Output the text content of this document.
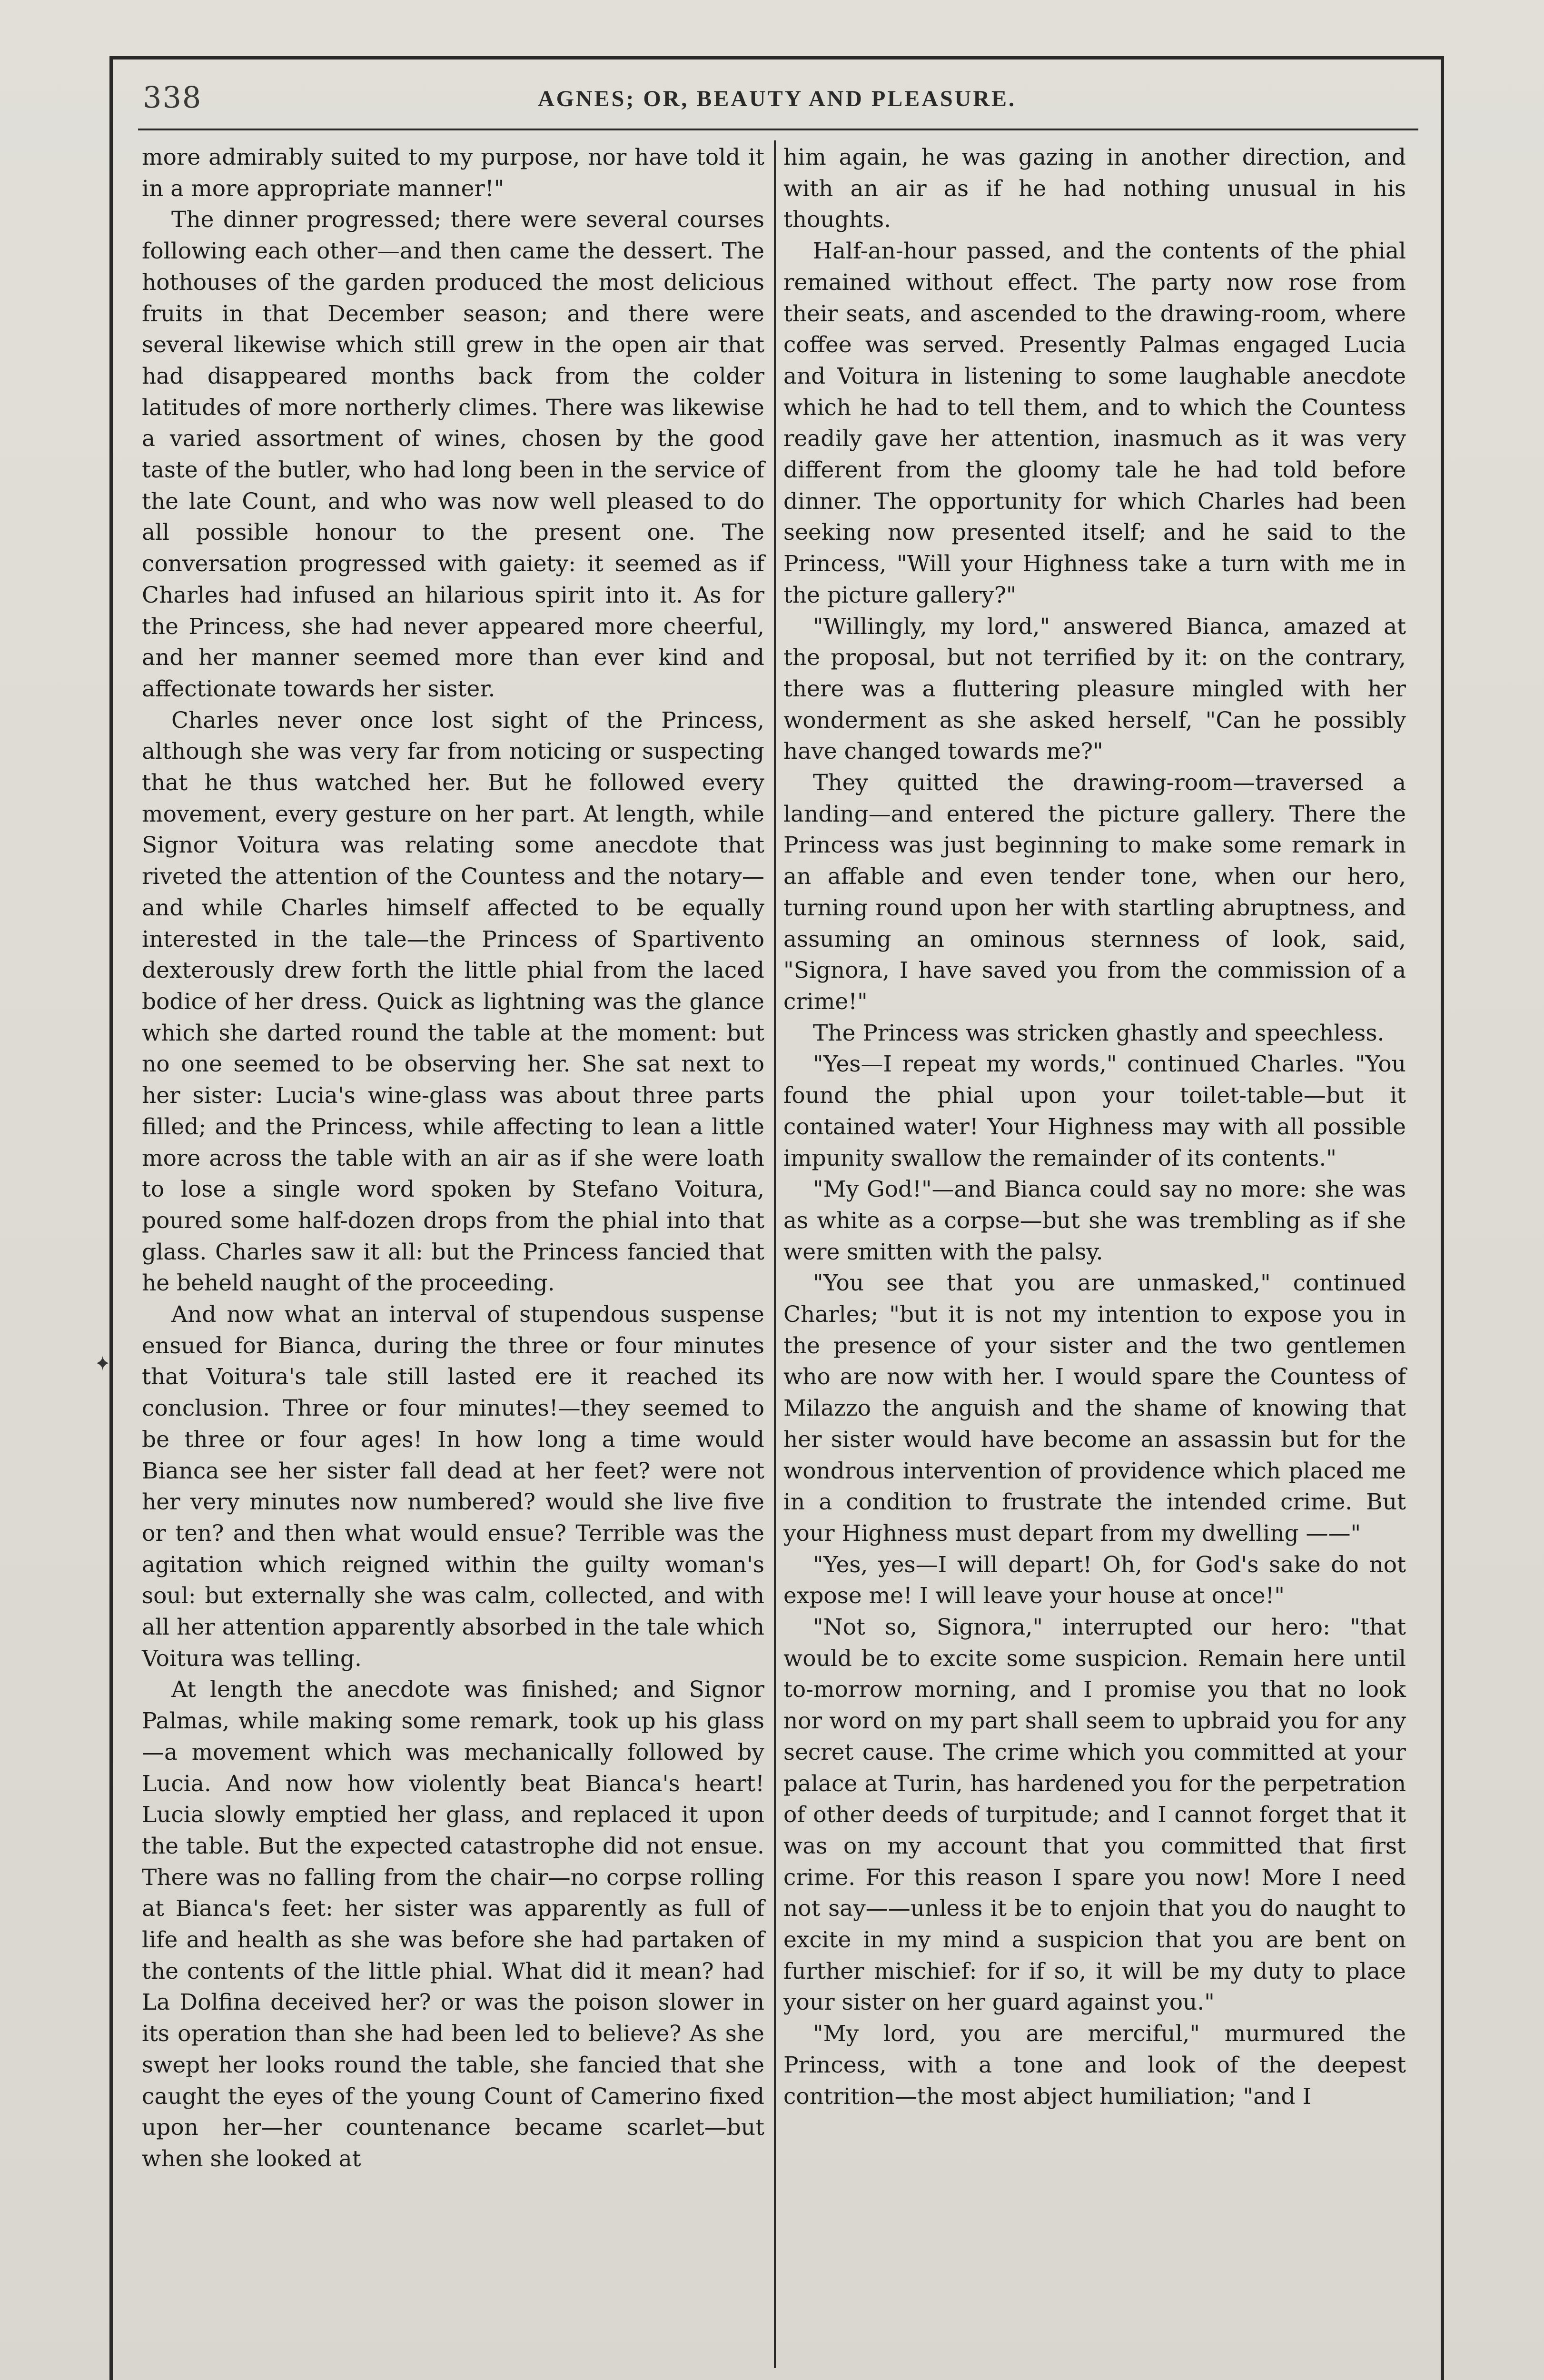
338	AGNES; OR, BEAUTY AND PLEASURE.

more admirably suited to my purpose, nor have told it in a more appropriate manner!"

The dinner progressed; there were several courses following each other—and then came the dessert. The hothouses of the garden produced the most delicious fruits in that December season; and there were several likewise which still grew in the open air that had disappeared months back from the colder latitudes of more northerly climes. There was likewise a varied assortment of wines, chosen by the good taste of the butler, who had long been in the service of the late Count, and who was now well pleased to do all possible honour to the present one. The conversation progressed with gaiety: it seemed as if Charles had infused an hilarious spirit into it. As for the Princess, she had never appeared more cheerful, and her manner seemed more than ever kind and affectionate towards her sister.

Charles never once lost sight of the Princess, although she was very far from noticing or suspecting that he thus watched her. But he followed every movement, every gesture on her part. At length, while Signor Voitura was relating some anecdote that riveted the attention of the Countess and the notary—and while Charles himself affected to be equally interested in the tale—the Princess of Spartivento dexterously drew forth the little phial from the laced bodice of her dress. Quick as lightning was the glance which she darted round the table at the moment: but no one seemed to be observing her. She sat next to her sister: Lucia's wine-glass was about three parts filled; and the Princess, while affecting to lean a little more across the table with an air as if she were loath to lose a single word spoken by Stefano Voitura, poured some half-dozen drops from the phial into that glass. Charles saw it all: but the Princess fancied that he beheld naught of the proceeding.

And now what an interval of stupendous suspense ensued for Bianca, during the three or four minutes that Voitura's tale still lasted ere it reached its conclusion. Three or four minutes!—they seemed to be three or four ages! In how long a time would Bianca see her sister fall dead at her feet? were not her very minutes now numbered? would she live five or ten? and then what would ensue? Terrible was the agitation which reigned within the guilty woman's soul: but externally she was calm, collected, and with all her attention apparently absorbed in the tale which Voitura was telling.

At length the anecdote was finished; and Signor Palmas, while making some remark, took up his glass—a movement which was mechanically followed by Lucia. And now how violently beat Bianca's heart! Lucia slowly emptied her glass, and replaced it upon the table. But the expected catastrophe did not ensue. There was no falling from the chair—no corpse rolling at Bianca's feet: her sister was apparently as full of life and health as she was before she had partaken of the contents of the little phial. What did it mean? had La Dolfina deceived her? or was the poison slower in its operation than she had been led to believe? As she swept her looks round the table, she fancied that she caught the eyes of the young Count of Camerino fixed upon her—her countenance became scarlet—but when she looked at

him again, he was gazing in another direction, and with an air as if he had nothing unusual in his thoughts.

Half-an-hour passed, and the contents of the phial remained without effect. The party now rose from their seats, and ascended to the drawing-room, where coffee was served. Presently Palmas engaged Lucia and Voitura in listening to some laughable anecdote which he had to tell them, and to which the Countess readily gave her attention, inasmuch as it was very different from the gloomy tale he had told before dinner. The opportunity for which Charles had been seeking now presented itself; and he said to the Princess, "Will your Highness take a turn with me in the picture gallery?"

"Willingly, my lord," answered Bianca, amazed at the proposal, but not terrified by it: on the contrary, there was a fluttering pleasure mingled with her wonderment as she asked herself, "Can he possibly have changed towards me?"

They quitted the drawing-room—traversed a landing—and entered the picture gallery. There the Princess was just beginning to make some remark in an affable and even tender tone, when our hero, turning round upon her with startling abruptness, and assuming an ominous sternness of look, said, "Signora, I have saved you from the commission of a crime!"

The Princess was stricken ghastly and speechless.

"Yes—I repeat my words," continued Charles. "You found the phial upon your toilet-table—but it contained water! Your Highness may with all possible impunity swallow the remainder of its contents."

"My God!"—and Bianca could say no more: she was as white as a corpse—but she was trembling as if she were smitten with the palsy.

"You see that you are unmasked," continued Charles; "but it is not my intention to expose you in the presence of your sister and the two gentlemen who are now with her. I would spare the Countess of Milazzo the anguish and the shame of knowing that her sister would have become an assassin but for the wondrous intervention of providence which placed me in a condition to frustrate the intended crime. But your Highness must depart from my dwelling ——"

"Yes, yes—I will depart! Oh, for God's sake do not expose me! I will leave your house at once!"

"Not so, Signora," interrupted our hero: "that would be to excite some suspicion. Remain here until to-morrow morning, and I promise you that no look nor word on my part shall seem to upbraid you for any secret cause. The crime which you committed at your palace at Turin, has hardened you for the perpetration of other deeds of turpitude; and I cannot forget that it was on my account that you committed that first crime. For this reason I spare you now! More I need not say——unless it be to enjoin that you do naught to excite in my mind a suspicion that you are bent on further mischief: for if so, it will be my duty to place your sister on her guard against you."

"My lord, you are merciful," murmured the Princess, with a tone and look of the deepest contrition—the most abject humiliation; "and I

✦
